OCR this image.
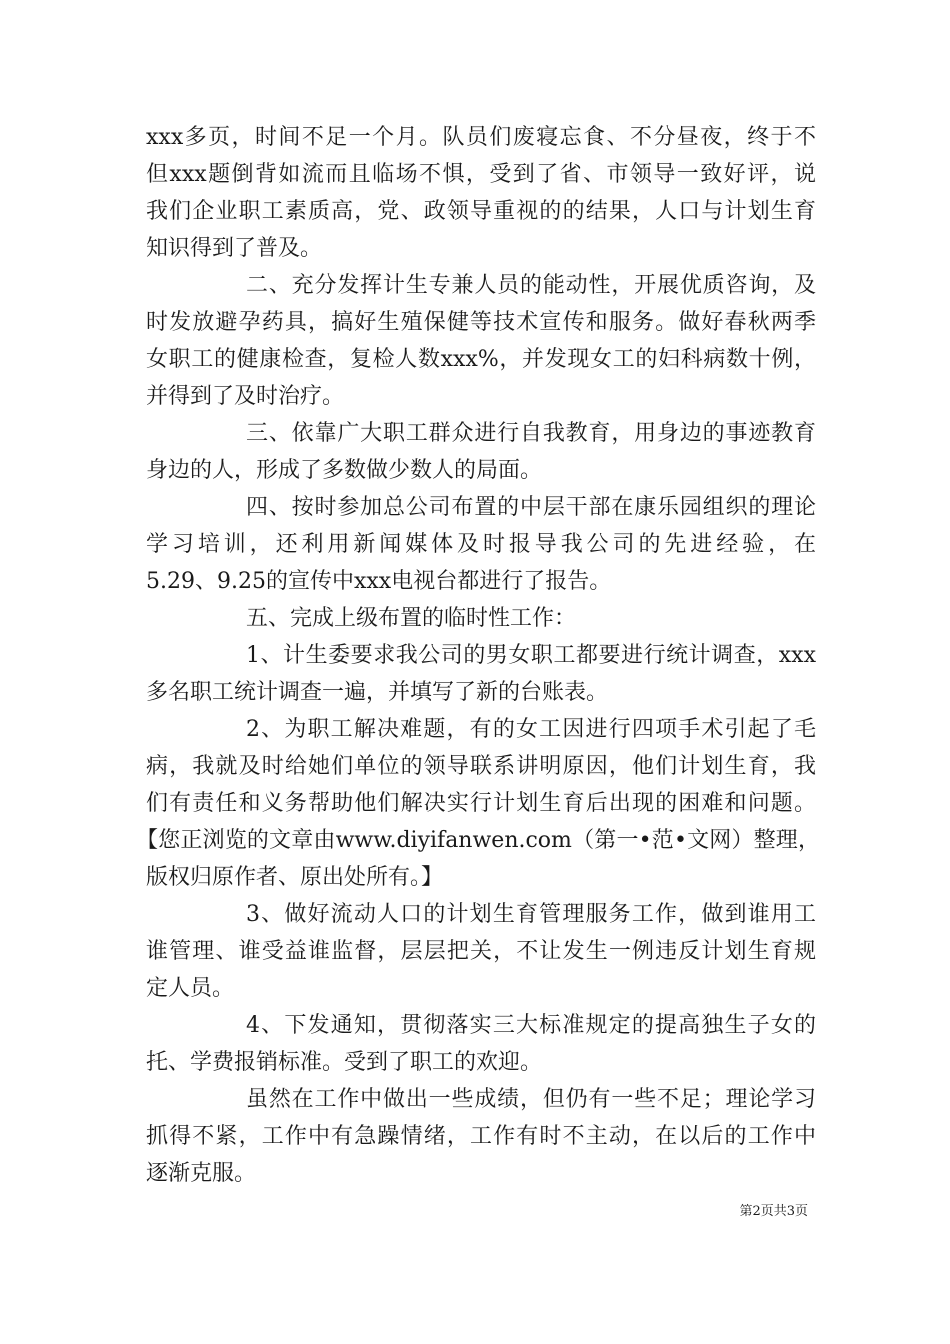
xxx多页，时间不足一个月。队员们废寝忘食、不分昼夜，终于不
但xxx题倒背如流而且临场不惧，受到了省、市领导一致好评，说
我们企业职工素质高，党、政领导重视的的结果，人口与计划生育
知识得到了普及。
二、充分发挥计生专兼人员的能动性，开展优质咨询，及
时发放避孕药具，搞好生殖保健等技术宣传和服务。做好春秋两季
女职工的健康检查，复检人数xxx%，并发现女工的妇科病数十例，
并得到了及时治疗。
三、依靠广大职工群众进行自我教育，用身边的事迹教育
身边的人，形成了多数做少数人的局面。
四、按时参加总公司布置的中层干部在康乐园组织的理论
学习培训，还利用新闻媒体及时报导我公司的先进经验，在
5.29、9.25的宣传中xxx电视台都进行了报告。
五、完成上级布置的临时性工作：
1、计生委要求我公司的男女职工都要进行统计调查，xxx
多名职工统计调查一遍，并填写了新的台账表。
2、为职工解决难题，有的女工因进行四项手术引起了毛
病，我就及时给她们单位的领导联系讲明原因，他们计划生育，我
们有责任和义务帮助他们解决实行计划生育后出现的困难和问题。
【您正浏览的文章由www.diyifanwen.com（第一•范•文网）整理，
版权归原作者、原出处所有。】
3、做好流动人口的计划生育管理服务工作，做到谁用工
谁管理、谁受益谁监督，层层把关，不让发生一例违反计划生育规
定人员。
4、下发通知，贯彻落实三大标准规定的提高独生子女的
托、学费报销标准。受到了职工的欢迎。
虽然在工作中做出一些成绩，但仍有一些不足；理论学习
抓得不紧，工作中有急躁情绪，工作有时不主动，在以后的工作中
逐渐克服。
第2页共3页
